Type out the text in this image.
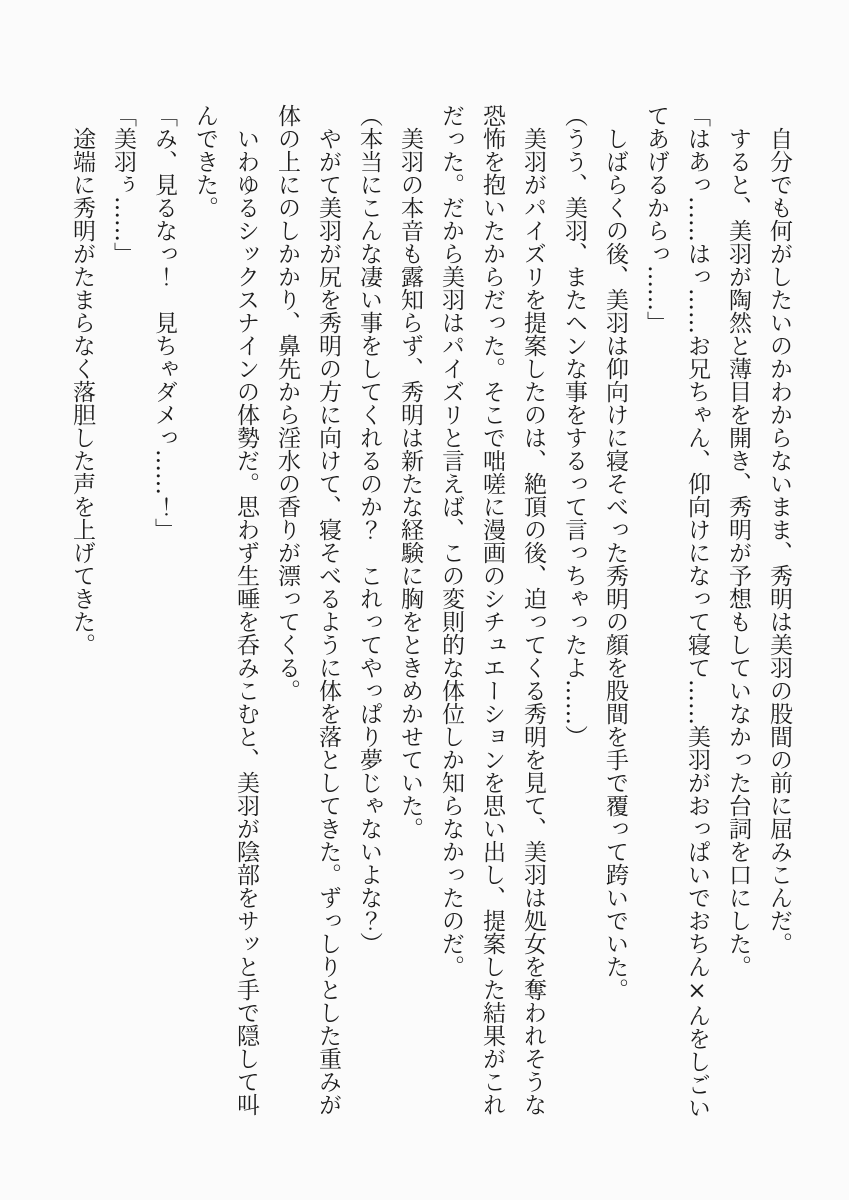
　自分でも何がしたいのかわからないまま、秀明は美羽の股間の前に屈みこんだ。

　すると、美羽が陶然と薄目を開き、秀明が予想もしていなかった台詞を口にした。

「はあっ……はっ……お兄ちゃん、仰向けになって寝て……美羽がおっぱいでおちん×んをしごいてあげるからっ……」

　しばらくの後、美羽は仰向けに寝そべった秀明の顔を股間を手で覆って跨いでいた。

（うう、美羽、またヘンな事をするって言っちゃったよ……）

　美羽がパイズリを提案したのは、絶頂の後、迫ってくる秀明を見て、美羽は処女を奪われそうな恐怖を抱いたからだった。そこで咄嗟に漫画のシチュエーションを思い出し、提案した結果がこれだった。だから美羽はパイズリと言えば、この変則的な体位しか知らなかったのだ。

　美羽の本音も露知らず、秀明は新たな経験に胸をときめかせていた。

（本当にこんな凄い事をしてくれるのか？　これってやっぱり夢じゃないよな？）

　やがて美羽が尻を秀明の方に向けて、寝そべるように体を落としてきた。ずっしりとした重みが体の上にのしかかり、鼻先から淫水の香りが漂ってくる。

　いわゆるシックスナインの体勢だ。思わず生唾を呑みこむと、美羽が陰部をサッと手で隠して叫んできた。

「み、見るなっ！　見ちゃダメっ……！」

「美羽ぅ……」

　途端に秀明がたまらなく落胆した声を上げてきた。
